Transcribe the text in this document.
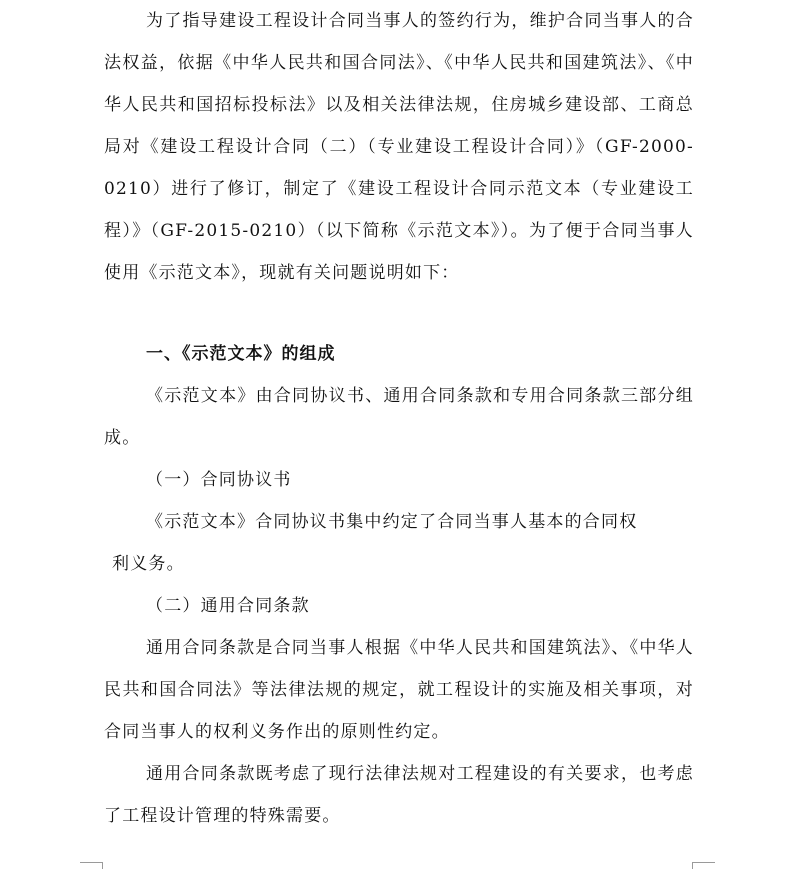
为了指导建设工程设计合同当事人的签约行为，维护合同当事人的合法权益，依据《中华人民共和国合同法》、《中华人民共和国建筑法》、《中华人民共和国招标投标法》以及相关法律法规，住房城乡建设部、工商总局对《建设工程设计合同（二）（专业建设工程设计合同）》（GF-2000-0210）进行了修订，制定了《建设工程设计合同示范文本（专业建设工程）》（GF-2015-0210）（以下简称《示范文本》）。为了便于合同当事人使用《示范文本》，现就有关问题说明如下：

一、《示范文本》的组成

《示范文本》由合同协议书、通用合同条款和专用合同条款三部分组成。

（一）合同协议书

《示范文本》合同协议书集中约定了合同当事人基本的合同权

利义务。

（二）通用合同条款

通用合同条款是合同当事人根据《中华人民共和国建筑法》、《中华人民共和国合同法》等法律法规的规定，就工程设计的实施及相关事项，对合同当事人的权利义务作出的原则性约定。

通用合同条款既考虑了现行法律法规对工程建设的有关要求，也考虑了工程设计管理的特殊需要。
